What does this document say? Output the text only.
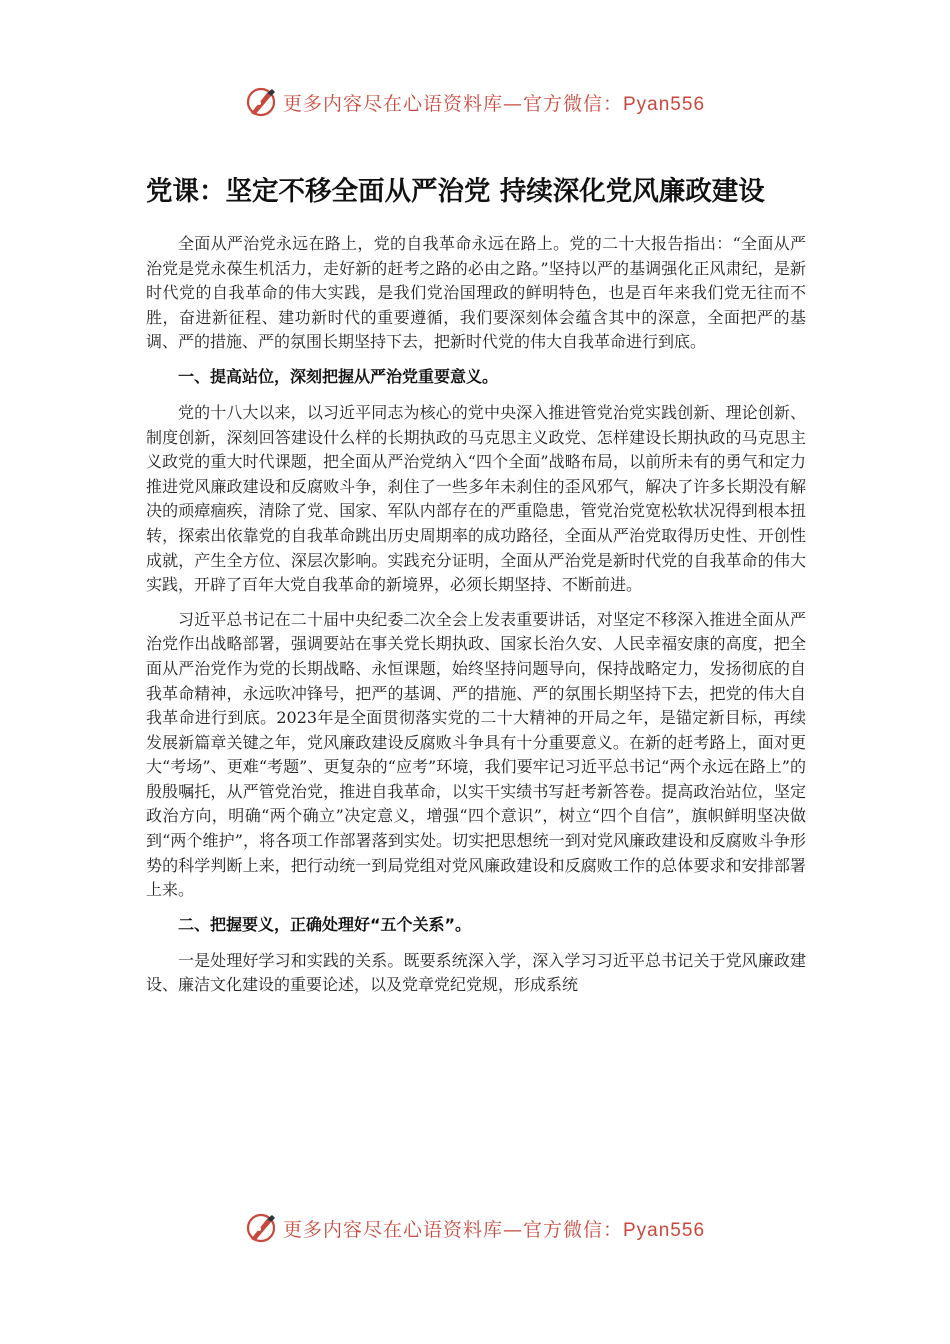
更多内容尽在心语资料库—官方微信：Pyan556
党课：坚定不移全面从严治党 持续深化党风廉政建设

全面从严治党永远在路上，党的自我革命永远在路上。党的二十大报告指出：“全面从严治党是党永葆生机活力，走好新的赶考之路的必由之路。”坚持以严的基调强化正风肃纪，是新时代党的自我革命的伟大实践，是我们党治国理政的鲜明特色，也是百年来我们党无往而不胜，奋进新征程、建功新时代的重要遵循，我们要深刻体会蕴含其中的深意，全面把严的基调、严的措施、严的氛围长期坚持下去，把新时代党的伟大自我革命进行到底。

一、提高站位，深刻把握从严治党重要意义。

党的十八大以来，以习近平同志为核心的党中央深入推进管党治党实践创新、理论创新、制度创新，深刻回答建设什么样的长期执政的马克思主义政党、怎样建设长期执政的马克思主义政党的重大时代课题，把全面从严治党纳入“四个全面”战略布局，以前所未有的勇气和定力推进党风廉政建设和反腐败斗争，刹住了一些多年未刹住的歪风邪气，解决了许多长期没有解决的顽瘴痼疾，清除了党、国家、军队内部存在的严重隐患，管党治党宽松软状况得到根本扭转，探索出依靠党的自我革命跳出历史周期率的成功路径，全面从严治党取得历史性、开创性成就，产生全方位、深层次影响。实践充分证明，全面从严治党是新时代党的自我革命的伟大实践，开辟了百年大党自我革命的新境界，必须长期坚持、不断前进。

习近平总书记在二十届中央纪委二次全会上发表重要讲话，对坚定不移深入推进全面从严治党作出战略部署，强调要站在事关党长期执政、国家长治久安、人民幸福安康的高度，把全面从严治党作为党的长期战略、永恒课题，始终坚持问题导向，保持战略定力，发扬彻底的自我革命精神，永远吹冲锋号，把严的基调、严的措施、严的氛围长期坚持下去，把党的伟大自我革命进行到底。2023年是全面贯彻落实党的二十大精神的开局之年，是锚定新目标，再续发展新篇章关键之年，党风廉政建设反腐败斗争具有十分重要意义。在新的赶考路上，面对更大“考场”、更难“考题”、更复杂的“应考”环境，我们要牢记习近平总书记“两个永远在路上”的殷殷嘱托，从严管党治党，推进自我革命，以实干实绩书写赶考新答卷。提高政治站位，坚定政治方向，明确“两个确立”决定意义，增强“四个意识”，树立“四个自信”，旗帜鲜明坚决做到“两个维护”，将各项工作部署落到实处。切实把思想统一到对党风廉政建设和反腐败斗争形势的科学判断上来，把行动统一到局党组对党风廉政建设和反腐败工作的总体要求和安排部署上来。

二、把握要义，正确处理好“五个关系”。

一是处理好学习和实践的关系。既要系统深入学，深入学习习近平总书记关于党风廉政建设、廉洁文化建设的重要论述，以及党章党纪党规，形成系统

更多内容尽在心语资料库—官方微信：Pyan556
